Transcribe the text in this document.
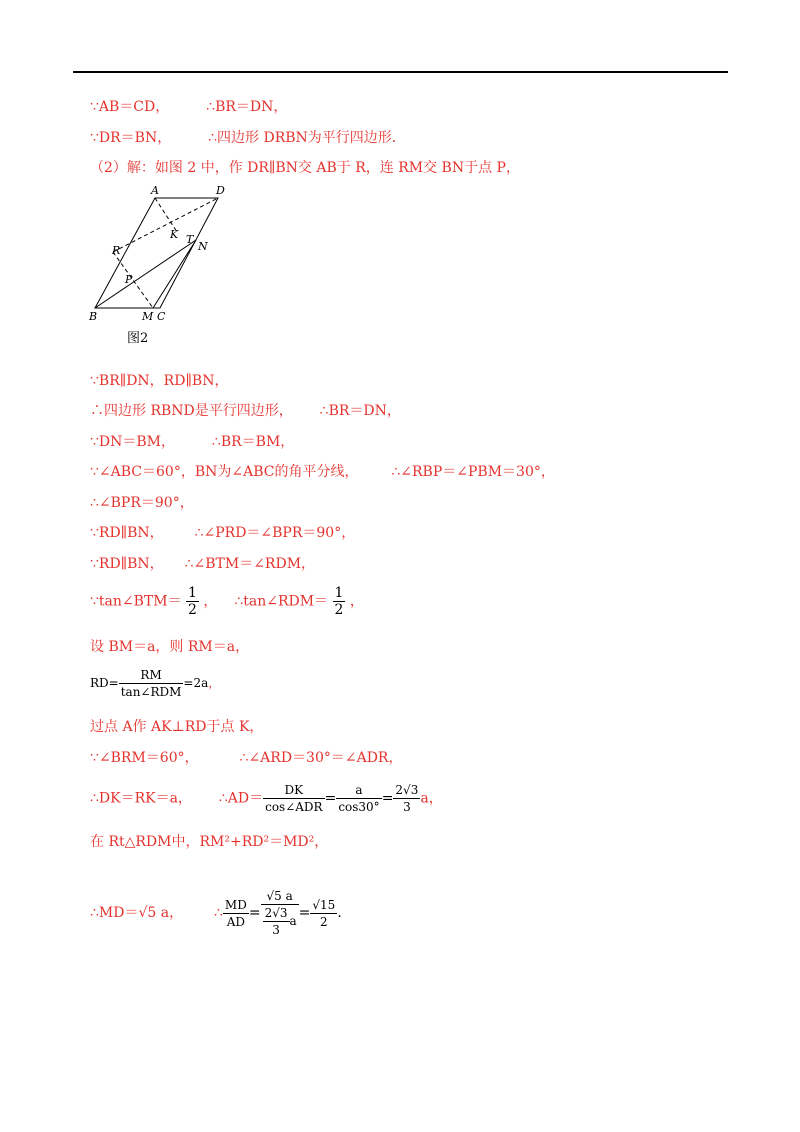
∵AB＝CD，	∴BR＝DN，
∵DR＝BN，	∴四边形 DRBN为平行四边形．
（2）解：如图 2 中，作 DR∥BN交 AB于 R，连 RM交 BN于点 P，
A	D
R
K T
N
P
B	M C
图2
∵BR∥DN，RD∥BN，
∴四边形 RBND是平行四边形， ∴BR＝DN，
∵DN＝BM，	∴BR＝BM，
∵∠ABC＝60°，BN为∠ABC的角平分线， ∴∠RBP＝∠PBM＝30°，
∴∠BPR＝90°，
∵RD∥BN， ∴∠PRD＝∠BPR＝90°，
∵RD∥BN， ∴∠BTM＝∠RDM，
∵tan∠BTM＝ $\frac{1}{2}$ ， ∴tan∠RDM＝ $\frac{1}{2}$ ，
设 BM＝a，则 RM＝a，
$RD= \frac{RM}{\text{tan∠RDM}} =2a$，
过点 A作 AK⊥RD于点 K，
∵∠BRM＝60°，	∴∠ARD＝30°＝∠ADR，
∴DK＝RK＝a， ∴AD＝ $\frac{DK}{\text{cos∠ADR}} = \frac{a}{\cos 30^\circ} = \frac{2√3}{3}$ a，
在 Rt△RDM中，RM²+RD²＝MD²，
∴MD＝√5 a， ∴ $\frac{MD}{AD} = \frac{√5 a}{\frac{2√3}{3} a} = \frac{√15}{2}$ ．
